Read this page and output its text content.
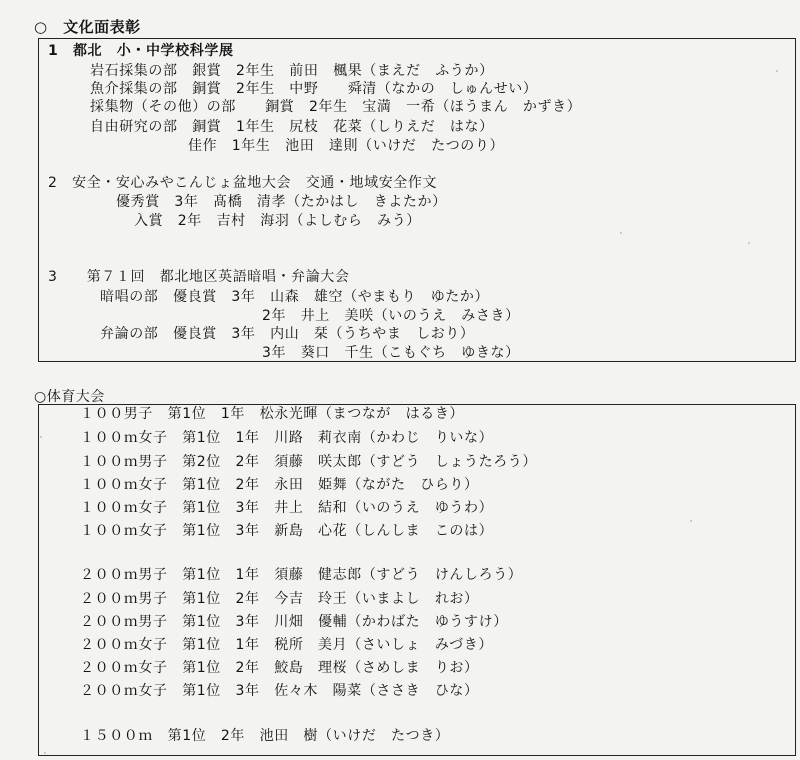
○　文化面表彰
1　都北　小・中学校科学展
岩石採集の部　銀賞　2年生　前田　楓果（まえだ　ふうか）
魚介採集の部　銅賞　2年生　中野　　舜清（なかの　しゅんせい）
採集物（その他）の部　　銅賞　2年生　宝満　一希（ほうまん　かずき）
自由研究の部　銅賞　1年生　尻枝　花菜（しりえだ　はな）
佳作　1年生　池田　達則（いけだ　たつのり）
2　安全・安心みやこんじょ盆地大会　交通・地域安全作文
優秀賞　3年　髙橋　清孝（たかはし　きよたか）
入賞　2年　吉村　海羽（よしむら　みう）
3　　第７１回　都北地区英語暗唱・弁論大会
暗唱の部　優良賞　3年　山森　雄空（やまもり　ゆたか）
2年　井上　美咲（いのうえ　みさき）
弁論の部　優良賞　3年　内山　栞（うちやま　しおり）
3年　葵口　千生（こもぐち　ゆきな）
○体育大会
１００男子　第1位　1年　松永光暉（まつなが　はるき）
１００ｍ女子　第1位　1年　川路　莉衣南（かわじ　りいな）
１００ｍ男子　第2位　2年　須藤　咲太郎（すどう　しょうたろう）
１００ｍ女子　第1位　2年　永田　姫舞（ながた　ひらり）
１００ｍ女子　第1位　3年　井上　結和（いのうえ　ゆうわ）
１００ｍ女子　第1位　3年　新島　心花（しんしま　このは）
２００ｍ男子　第1位　1年　須藤　健志郎（すどう　けんしろう）
２００ｍ男子　第1位　2年　今吉　玲王（いまよし　れお）
２００ｍ男子　第1位　3年　川畑　優輔（かわばた　ゆうすけ）
２００ｍ女子　第1位　1年　税所　美月（さいしょ　みづき）
２００ｍ女子　第1位　2年　鮫島　理桜（さめしま　りお）
２００ｍ女子　第1位　3年　佐々木　陽菜（ささき　ひな）
１５００ｍ　第1位　2年　池田　樹（いけだ　たつき）
